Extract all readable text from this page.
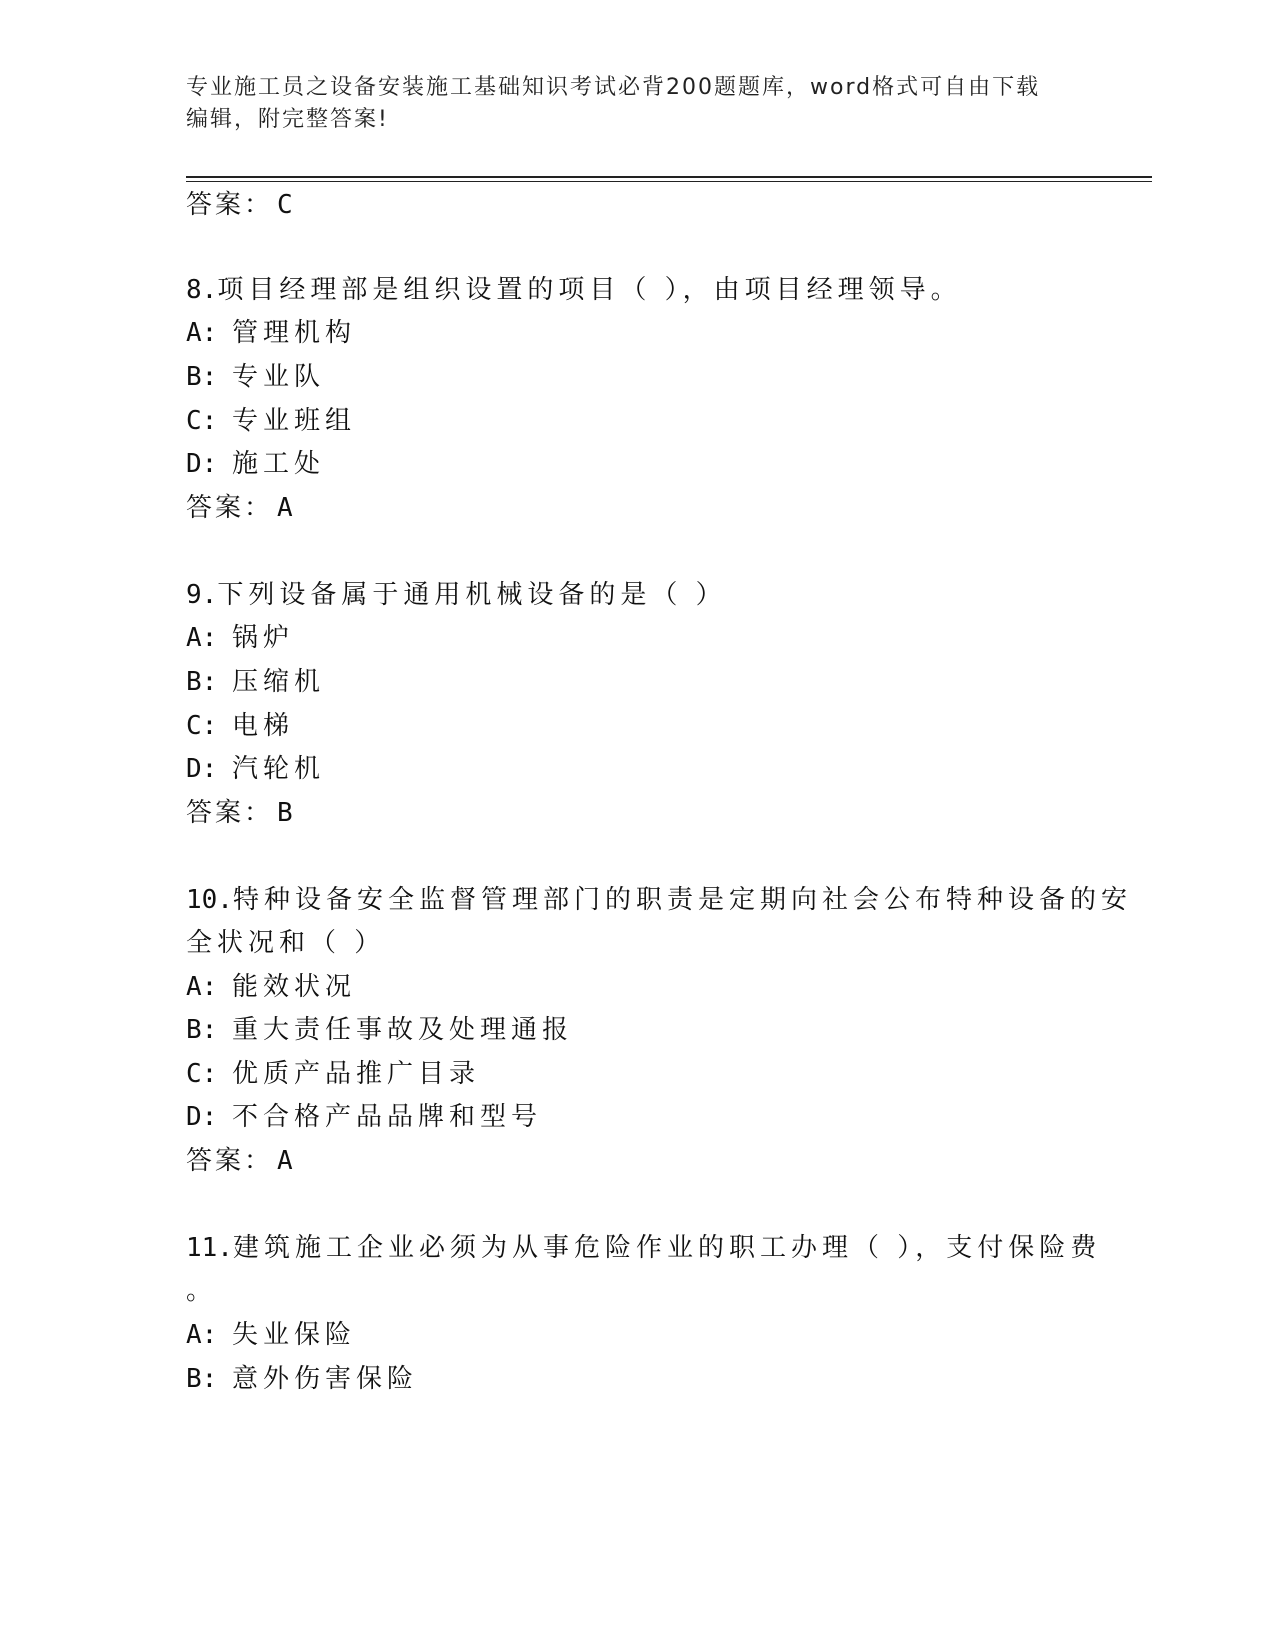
专业施工员之设备安装施工基础知识考试必背200题题库，word格式可自由下载
编辑，附完整答案!
答案： C
8.项目经理部是组织设置的项目（ ），由项目经理领导。
A: 管理机构
B: 专业队
C: 专业班组
D: 施工处
答案： A
9.下列设备属于通用机械设备的是（ ）
A: 锅炉
B: 压缩机
C: 电梯
D: 汽轮机
答案： B
10.特种设备安全监督管理部门的职责是定期向社会公布特种设备的安
全状况和（ ）
A: 能效状况
B: 重大责任事故及处理通报
C: 优质产品推广目录
D: 不合格产品品牌和型号
答案： A
11.建筑施工企业必须为从事危险作业的职工办理（ ），支付保险费
。
A: 失业保险
B: 意外伤害保险
